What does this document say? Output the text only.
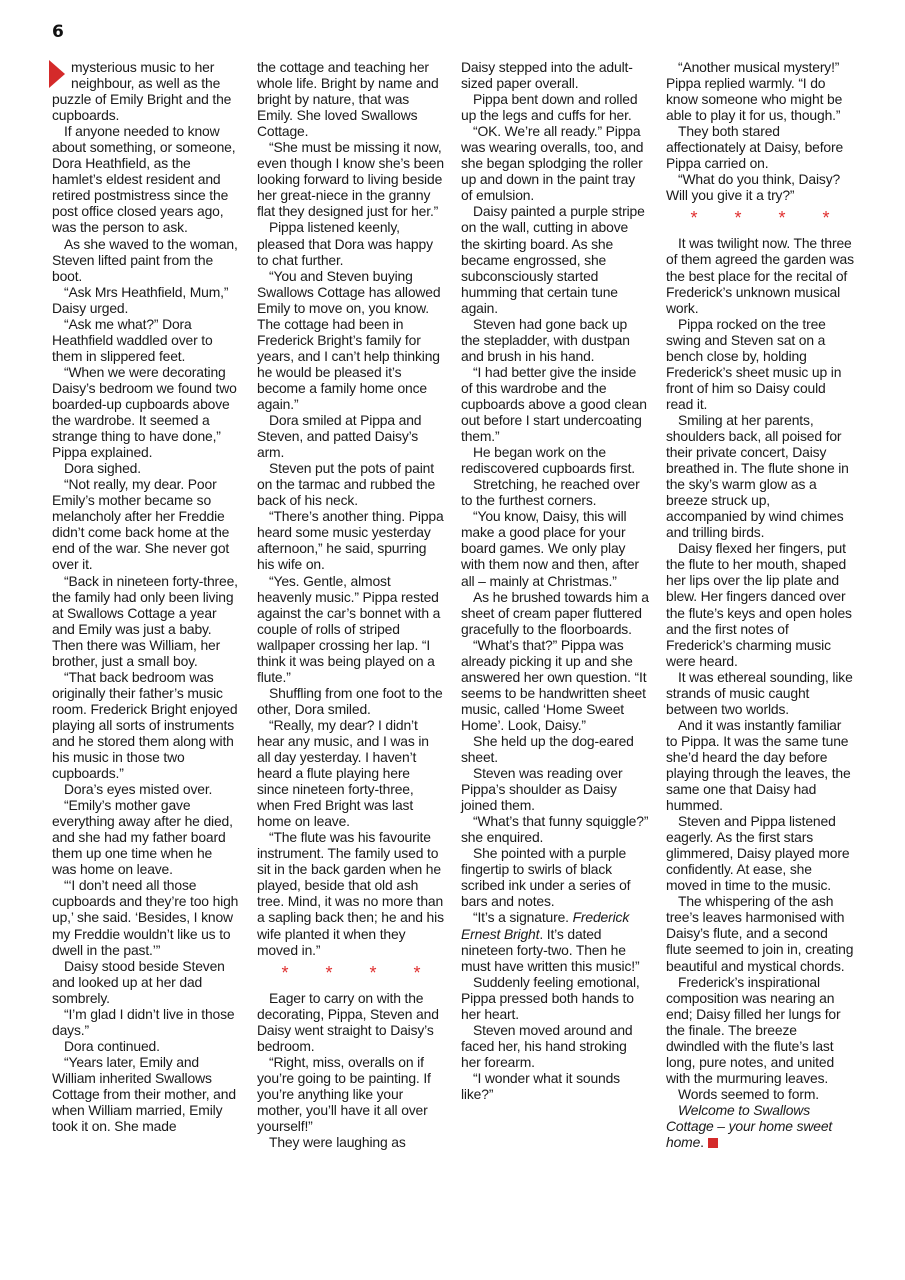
6

mysterious music to her neighbour, as well as the puzzle of Emily Bright and the cupboards.

If anyone needed to know about something, or someone, Dora Heathfield, as the hamlet’s eldest resident and retired postmistress since the post office closed years ago, was the person to ask.

As she waved to the woman, Steven lifted paint from the boot.

“Ask Mrs Heathfield, Mum,” Daisy urged.

“Ask me what?” Dora Heathfield waddled over to them in slippered feet.

“When we were decorating Daisy’s bedroom we found two boarded-up cupboards above the wardrobe. It seemed a strange thing to have done,” Pippa explained.

Dora sighed.

“Not really, my dear. Poor Emily’s mother became so melancholy after her Freddie didn’t come back home at the end of the war. She never got over it.

“Back in nineteen forty-three, the family had only been living at Swallows Cottage a year and Emily was just a baby. Then there was William, her brother, just a small boy.

“That back bedroom was originally their father’s music room. Frederick Bright enjoyed playing all sorts of instruments and he stored them along with his music in those two cupboards.”

Dora’s eyes misted over.

“Emily’s mother gave everything away after he died, and she had my father board them up one time when he was home on leave.

“‘I don’t need all those cupboards and they’re too high up,’ she said. ‘Besides, I know my Freddie wouldn’t like us to dwell in the past.’”

Daisy stood beside Steven and looked up at her dad sombrely.

“I’m glad I didn’t live in those days.”

Dora continued.

“Years later, Emily and William inherited Swallows Cottage from their mother, and when William married, Emily took it on. She made

the cottage and teaching her whole life. Bright by name and bright by nature, that was Emily. She loved Swallows Cottage.

“She must be missing it now, even though I know she’s been looking forward to living beside her great-niece in the granny flat they designed just for her.”

Pippa listened keenly, pleased that Dora was happy to chat further.

“You and Steven buying Swallows Cottage has allowed Emily to move on, you know. The cottage had been in Frederick Bright’s family for years, and I can’t help thinking he would be pleased it’s become a family home once again.”

Dora smiled at Pippa and Steven, and patted Daisy’s arm.

Steven put the pots of paint on the tarmac and rubbed the back of his neck.

“There’s another thing. Pippa heard some music yesterday afternoon,” he said, spurring his wife on.

“Yes. Gentle, almost heavenly music.” Pippa rested against the car’s bonnet with a couple of rolls of striped wallpaper crossing her lap. “I think it was being played on a flute.”

Shuffling from one foot to the other, Dora smiled.

“Really, my dear? I didn’t hear any music, and I was in all day yesterday. I haven’t heard a flute playing here since nineteen forty-three, when Fred Bright was last home on leave.

“The flute was his favourite instrument. The family used to sit in the back garden when he played, beside that old ash tree. Mind, it was no more than a sapling back then; he and his wife planted it when they moved in.”

* * * *

Eager to carry on with the decorating, Pippa, Steven and Daisy went straight to Daisy’s bedroom.

“Right, miss, overalls on if you’re going to be painting. If you’re anything like your mother, you’ll have it all over yourself!”

They were laughing as

Daisy stepped into the adult-sized paper overall.

Pippa bent down and rolled up the legs and cuffs for her.

“OK. We’re all ready.” Pippa was wearing overalls, too, and she began splodging the roller up and down in the paint tray of emulsion.

Daisy painted a purple stripe on the wall, cutting in above the skirting board. As she became engrossed, she subconsciously started humming that certain tune again.

Steven had gone back up the stepladder, with dustpan and brush in his hand.

“I had better give the inside of this wardrobe and the cupboards above a good clean out before I start undercoating them.”

He began work on the rediscovered cupboards first.

Stretching, he reached over to the furthest corners.

“You know, Daisy, this will make a good place for your board games. We only play with them now and then, after all – mainly at Christmas.”

As he brushed towards him a sheet of cream paper fluttered gracefully to the floorboards.

“What’s that?” Pippa was already picking it up and she answered her own question. “It seems to be handwritten sheet music, called ‘Home Sweet Home’. Look, Daisy.”

She held up the dog-eared sheet.

Steven was reading over Pippa’s shoulder as Daisy joined them.

“What’s that funny squiggle?” she enquired.

She pointed with a purple fingertip to swirls of black scribed ink under a series of bars and notes.

“It’s a signature. Frederick Ernest Bright. It’s dated nineteen forty-two. Then he must have written this music!”

Suddenly feeling emotional, Pippa pressed both hands to her heart.

Steven moved around and faced her, his hand stroking her forearm.

“I wonder what it sounds like?”

“Another musical mystery!” Pippa replied warmly. “I do know someone who might be able to play it for us, though.”

They both stared affectionately at Daisy, before Pippa carried on.

“What do you think, Daisy? Will you give it a try?”

* * * *

It was twilight now. The three of them agreed the garden was the best place for the recital of Frederick’s unknown musical work.

Pippa rocked on the tree swing and Steven sat on a bench close by, holding Frederick’s sheet music up in front of him so Daisy could read it.

Smiling at her parents, shoulders back, all poised for their private concert, Daisy breathed in. The flute shone in the sky’s warm glow as a breeze struck up, accompanied by wind chimes and trilling birds.

Daisy flexed her fingers, put the flute to her mouth, shaped her lips over the lip plate and blew. Her fingers danced over the flute’s keys and open holes and the first notes of Frederick’s charming music were heard.

It was ethereal sounding, like strands of music caught between two worlds.

And it was instantly familiar to Pippa. It was the same tune she’d heard the day before playing through the leaves, the same one that Daisy had hummed.

Steven and Pippa listened eagerly. As the first stars glimmered, Daisy played more confidently. At ease, she moved in time to the music.

The whispering of the ash tree’s leaves harmonised with Daisy’s flute, and a second flute seemed to join in, creating beautiful and mystical chords.

Frederick’s inspirational composition was nearing an end; Daisy filled her lungs for the finale. The breeze dwindled with the flute’s last long, pure notes, and united with the murmuring leaves.

Words seemed to form.

Welcome to Swallows Cottage – your home sweet home.
